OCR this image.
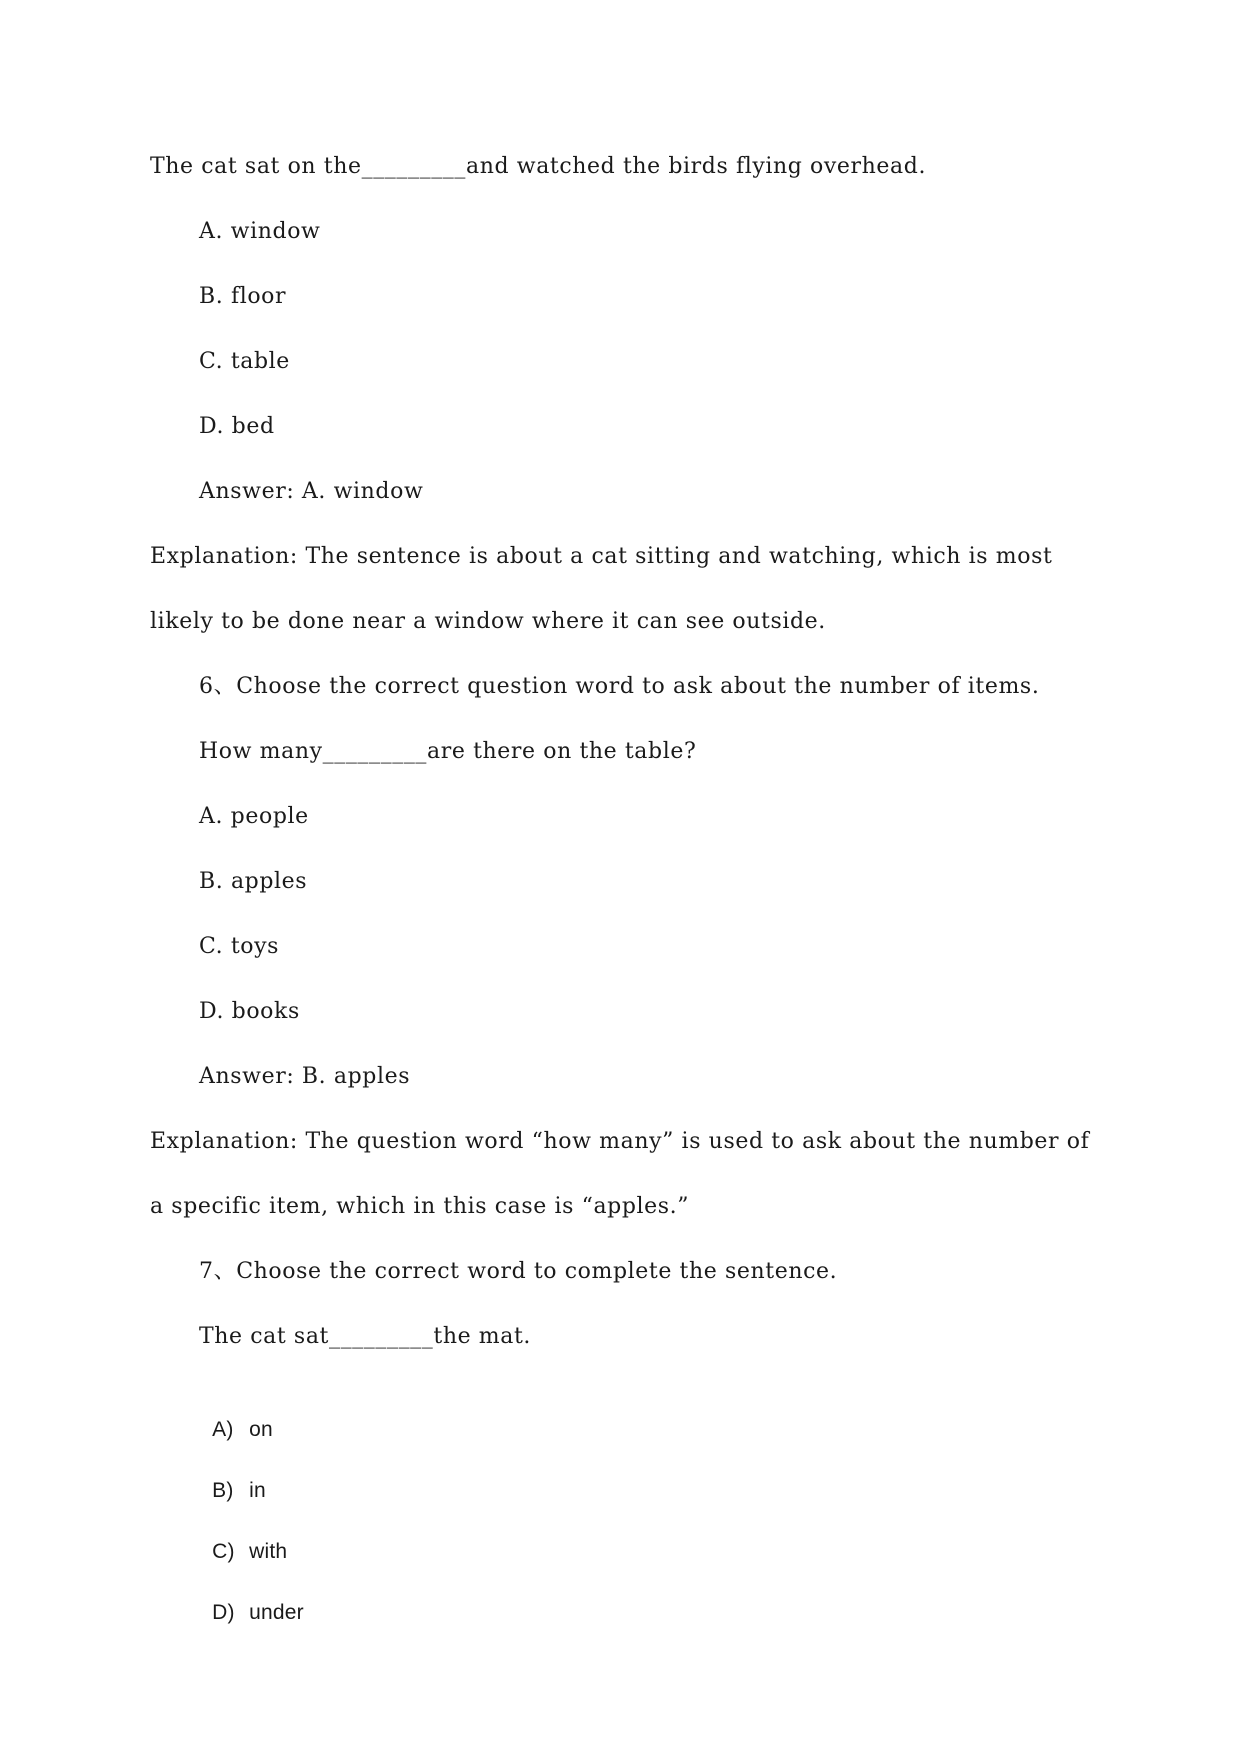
The cat sat on the_________and watched the birds flying overhead.
A. window
B. floor
C. table
D. bed
Answer: A. window
Explanation: The sentence is about a cat sitting and watching, which is most
likely to be done near a window where it can see outside.
6、Choose the correct question word to ask about the number of items.
How many_________are there on the table?
A. people
B. apples
C. toys
D. books
Answer: B. apples
Explanation: The question word “how many” is used to ask about the number of
a specific item, which in this case is “apples.”
7、Choose the correct word to complete the sentence.
The cat sat_________the mat.

A) on

B) in

C) with

D) under
